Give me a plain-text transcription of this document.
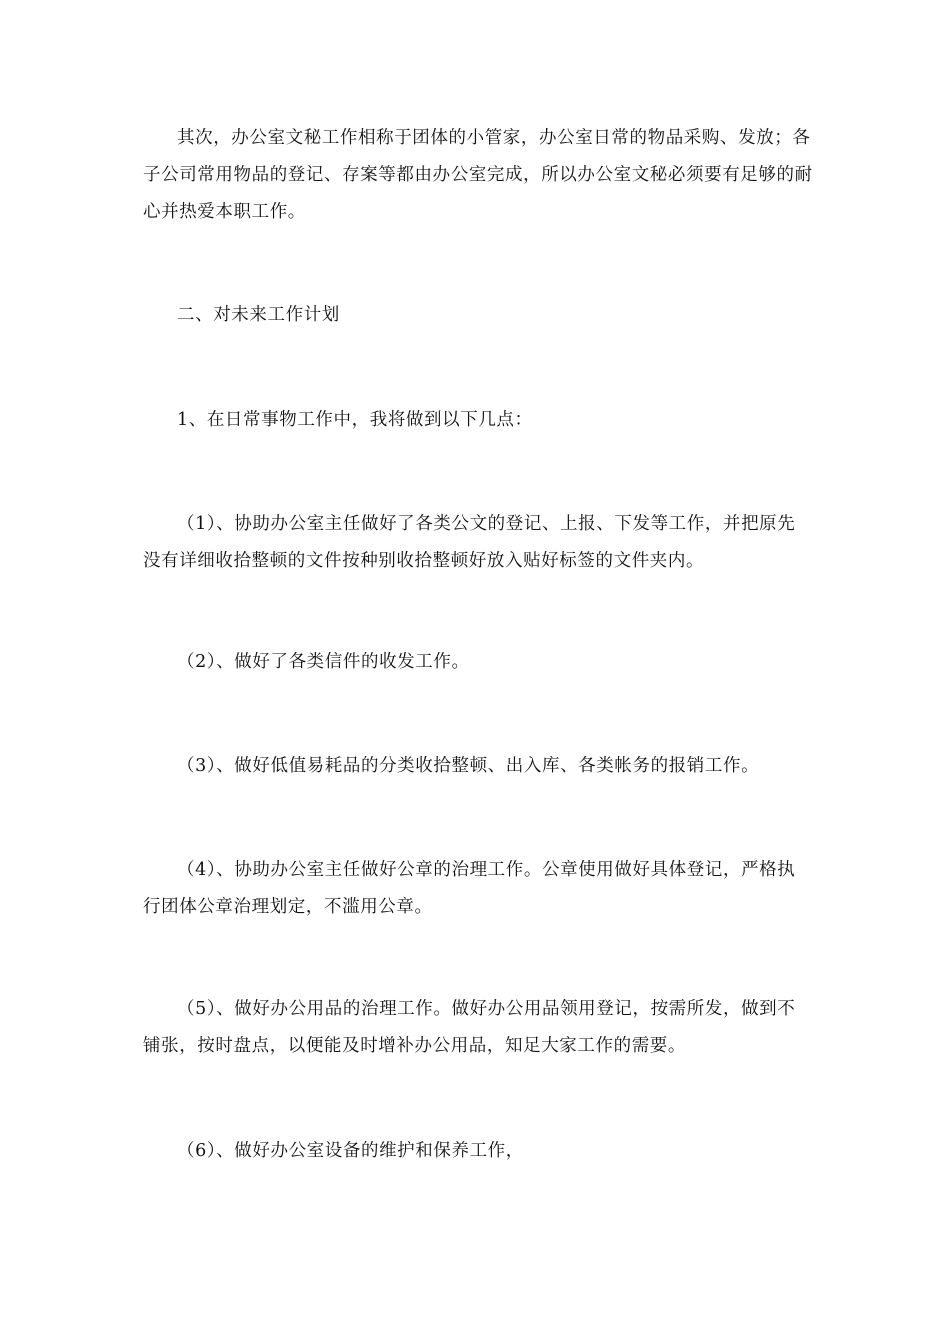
其次，办公室文秘工作相称于团体的小管家，办公室日常的物品采购、发放；各子公司常用物品的登记、存案等都由办公室完成，所以办公室文秘必须要有足够的耐心并热爱本职工作。

二、对未来工作计划

1、在日常事物工作中，我将做到以下几点：

（1）、协助办公室主任做好了各类公文的登记、上报、下发等工作，并把原先没有详细收拾整顿的文件按种别收拾整顿好放入贴好标签的文件夹内。

（2）、做好了各类信件的收发工作。

（3）、做好低值易耗品的分类收拾整顿、出入库、各类帐务的报销工作。

（4）、协助办公室主任做好公章的治理工作。公章使用做好具体登记，严格执行团体公章治理划定，不滥用公章。

（5）、做好办公用品的治理工作。做好办公用品领用登记，按需所发，做到不铺张，按时盘点，以便能及时增补办公用品，知足大家工作的需要。

（6）、做好办公室设备的维护和保养工作，
